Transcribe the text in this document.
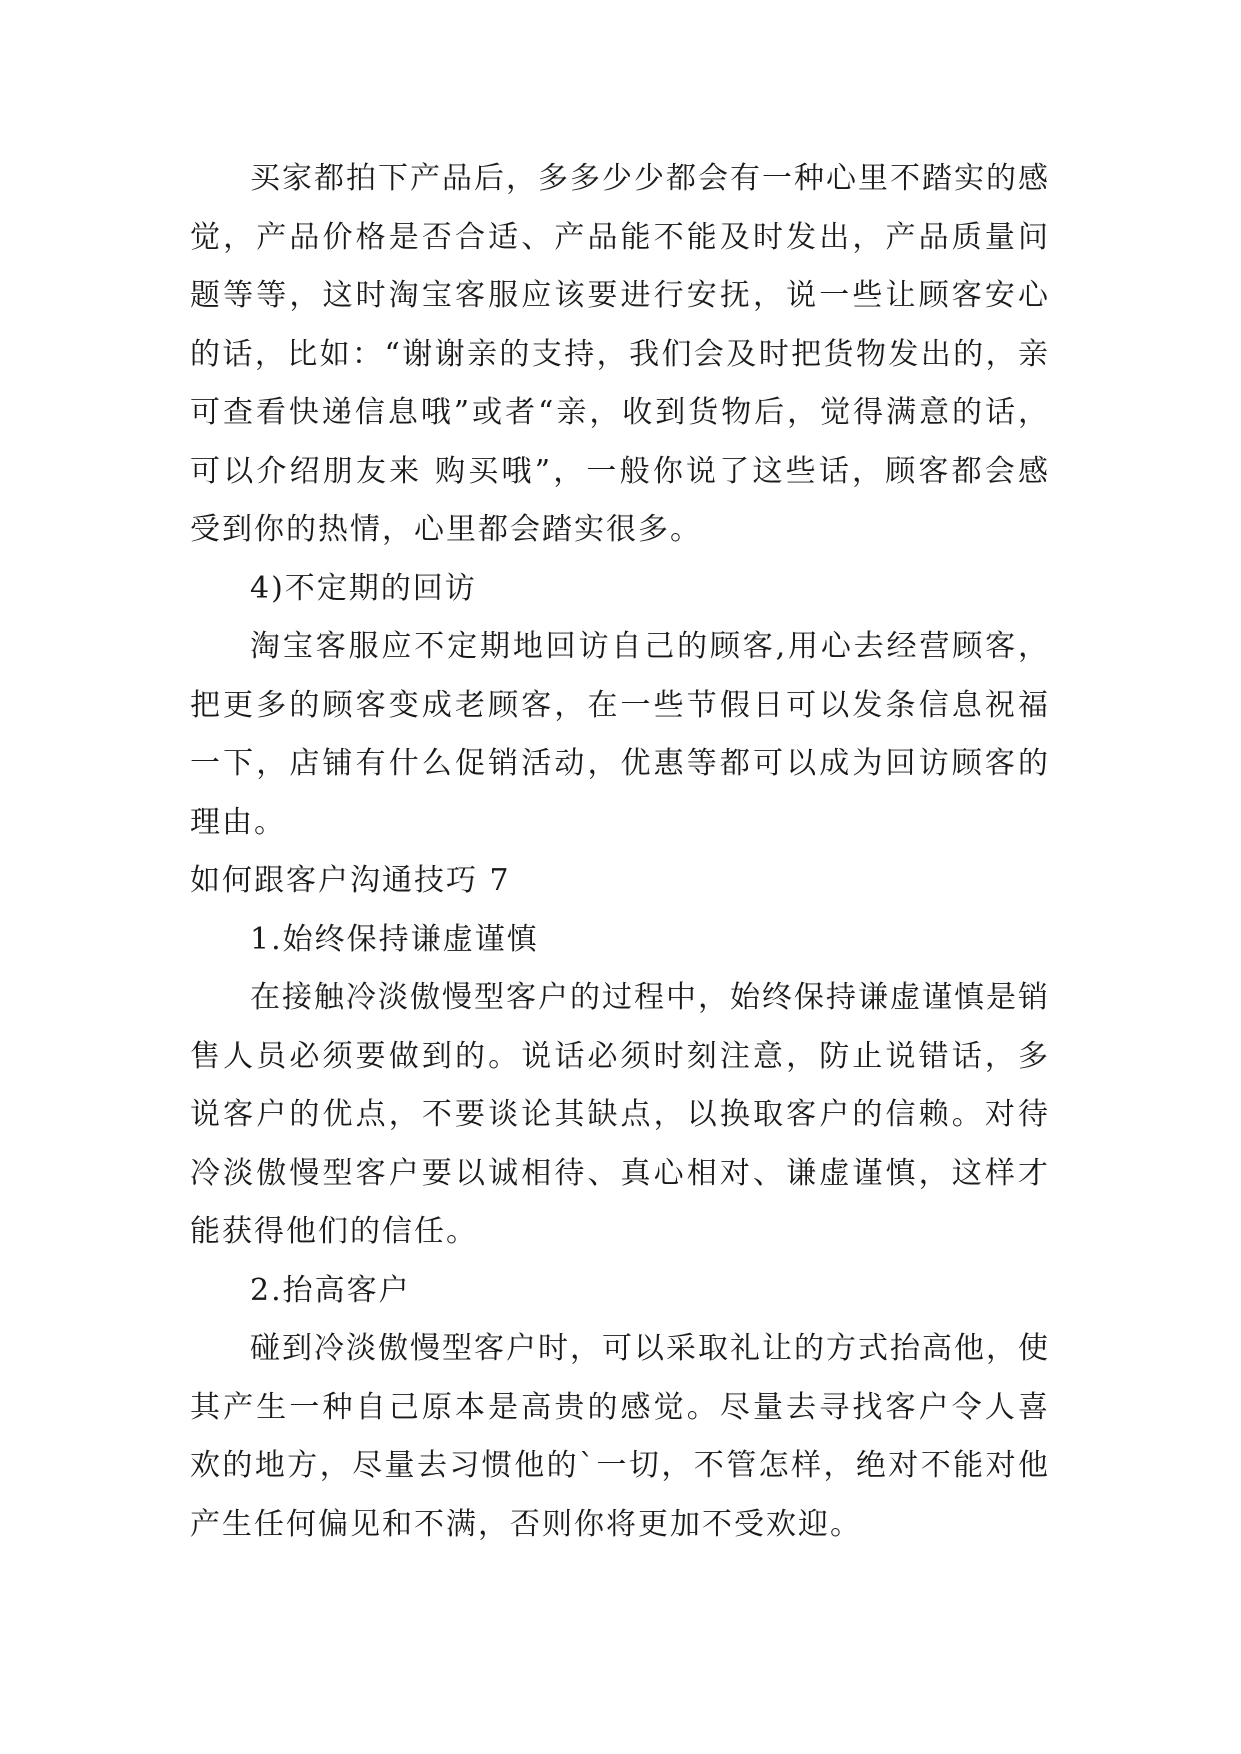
买家都拍下产品后，多多少少都会有一种心里不踏实的感觉，产品价格是否合适、产品能不能及时发出，产品质量问题等等，这时淘宝客服应该要进行安抚，说一些让顾客安心的话，比如：“谢谢亲的支持，我们会及时把货物发出的，亲可查看快递信息哦”或者“亲，收到货物后，觉得满意的话，可以介绍朋友来 购买哦”，一般你说了这些话，顾客都会感受到你的热情，心里都会踏实很多。

4)不定期的回访

淘宝客服应不定期地回访自己的顾客,用心去经营顾客，把更多的顾客变成老顾客，在一些节假日可以发条信息祝福一下，店铺有什么促销活动，优惠等都可以成为回访顾客的理由。

如何跟客户沟通技巧 7

1.始终保持谦虚谨慎

在接触冷淡傲慢型客户的过程中，始终保持谦虚谨慎是销售人员必须要做到的。说话必须时刻注意，防止说错话，多说客户的优点，不要谈论其缺点，以换取客户的信赖。对待冷淡傲慢型客户要以诚相待、真心相对、谦虚谨慎，这样才能获得他们的信任。

2.抬高客户

碰到冷淡傲慢型客户时，可以采取礼让的方式抬高他，使其产生一种自己原本是高贵的感觉。尽量去寻找客户令人喜欢的地方，尽量去习惯他的`一切，不管怎样，绝对不能对他产生任何偏见和不满，否则你将更加不受欢迎。
